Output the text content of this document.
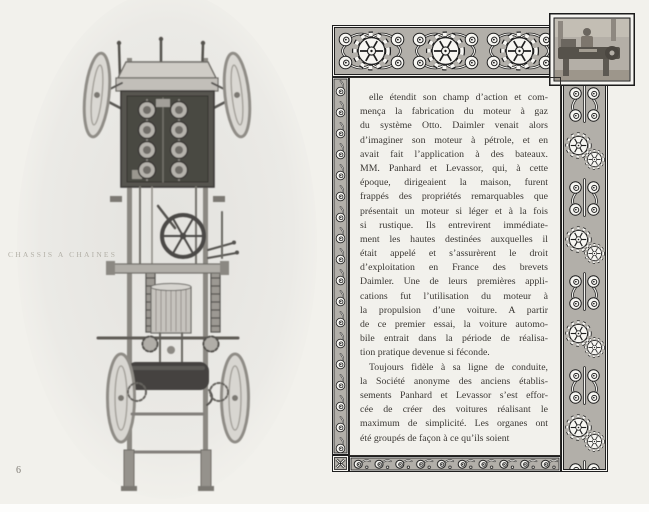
CHASSIS A CHAINES
6
elle étendit son champ d’action et com-
mença la fabrication du moteur à gaz
du système Otto. Daimler venait alors
d’imaginer son moteur à pétrole, et en
avait fait l’application à des bateaux.
MM. Panhard et Levassor, qui, à cette
époque, dirigeaient la maison, furent
frappés des propriétés remarquables que
présentait un moteur si léger et à la fois
si rustique. Ils entrevirent immédiate-
ment les hautes destinées auxquelles il
était appelé et s’assurèrent le droit
d’exploitation en France des brevets
Daimler. Une de leurs premières appli-
cations fut l’utilisation du moteur à
la propulsion d’une voiture. A partir
de ce premier essai, la voiture automo-
bile entrait dans la période de réalisa-
tion pratique devenue si féconde.
Toujours fidèle à sa ligne de conduite,
la Société anonyme des anciens établis-
sements Panhard et Levassor s’est effor-
cée de créer des voitures réalisant le
maximum de simplicité. Les organes ont
été groupés de façon à ce qu’ils soient
